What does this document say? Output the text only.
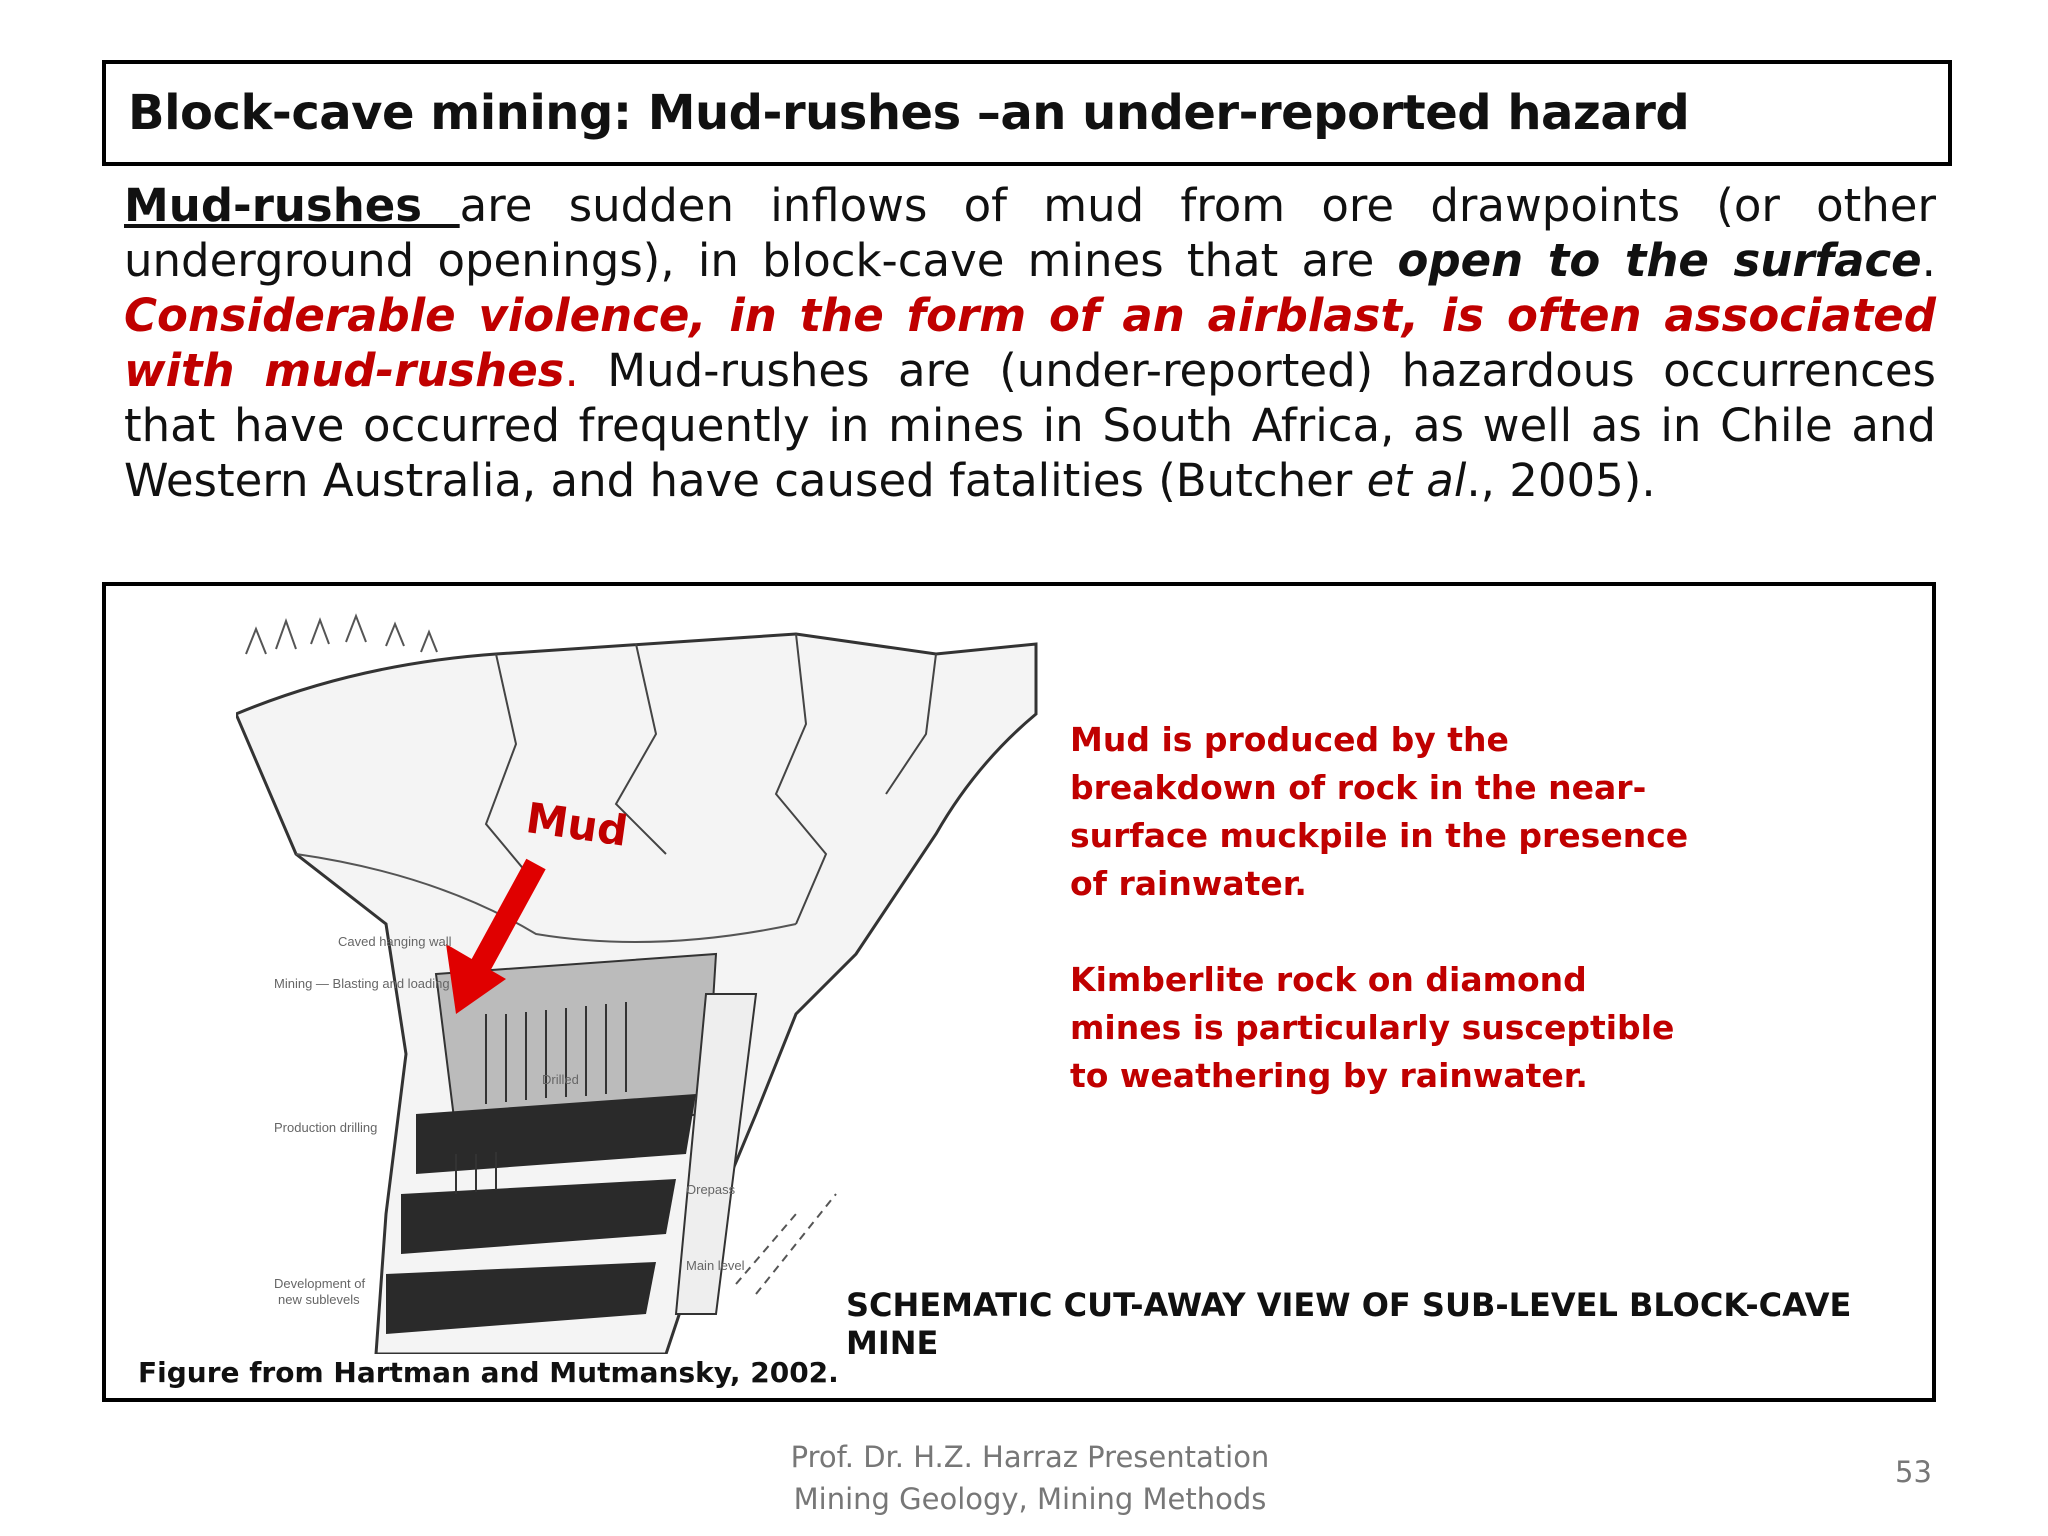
Block-cave mining: Mud-rushes –an under-reported hazard
Mud-rushes are sudden inflows of mud from ore drawpoints (or other underground openings), in block-cave mines that are open to the surface. Considerable violence, in the form of an airblast, is often associated with mud-rushes. Mud-rushes are (under-reported) hazardous occurrences that have occurred frequently in mines in South Africa, as well as in Chile and Western Australia, and have caused fatalities (Butcher et al., 2005).
Mud
Caved hanging wall
Mining — Blasting and loading
Drilled
Production drilling
Orepass
Main level
Development of
new sublevels

Mud is produced by the breakdown of rock in the near-surface muckpile in the presence of rainwater.

Kimberlite rock on diamond mines is particularly susceptible to weathering by rainwater.

SCHEMATIC CUT-AWAY VIEW OF SUB-LEVEL BLOCK-CAVE MINE
Figure from Hartman and Mutmansky, 2002.
Prof. Dr. H.Z. Harraz Presentation
Mining Geology, Mining Methods
53
